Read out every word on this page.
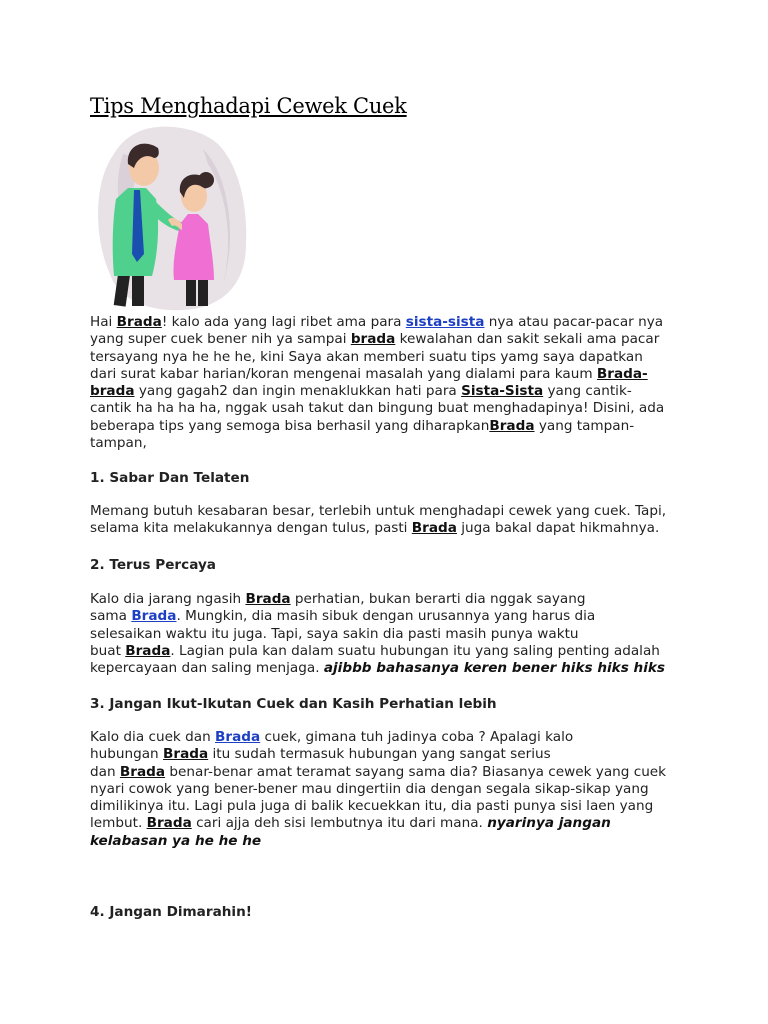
Tips Menghadapi Cewek Cuek
Hai Brada! kalo ada yang lagi ribet ama para sista-sista nya atau pacar-pacar nya
yang super cuek bener nih ya sampai brada kewalahan dan sakit sekali ama pacar
tersayang nya he he he, kini Saya akan memberi suatu tips yamg saya dapatkan
dari surat kabar harian/koran mengenai masalah yang dialami para kaum Brada-
brada yang gagah2 dan ingin menaklukkan hati para Sista-Sista yang cantik-
cantik ha ha ha ha, nggak usah takut dan bingung buat menghadapinya! Disini, ada
beberapa tips yang semoga bisa berhasil yang diharapkanBrada yang tampan-
tampan,
1. Sabar Dan Telaten
Memang butuh kesabaran besar, terlebih untuk menghadapi cewek yang cuek. Tapi,
selama kita melakukannya dengan tulus, pasti Brada juga bakal dapat hikmahnya.
2. Terus Percaya
Kalo dia jarang ngasih Brada perhatian, bukan berarti dia nggak sayang
sama Brada. Mungkin, dia masih sibuk dengan urusannya yang harus dia
selesaikan waktu itu juga. Tapi, saya sakin dia pasti masih punya waktu
buat Brada. Lagian pula kan dalam suatu hubungan itu yang saling penting adalah
kepercayaan dan saling menjaga. ajibbb bahasanya keren bener hiks hiks hiks
3. Jangan Ikut-Ikutan Cuek dan Kasih Perhatian lebih
Kalo dia cuek dan Brada cuek, gimana tuh jadinya coba ? Apalagi kalo
hubungan Brada itu sudah termasuk hubungan yang sangat serius
dan Brada benar-benar amat teramat sayang sama dia? Biasanya cewek yang cuek
nyari cowok yang bener-bener mau dingertiin dia dengan segala sikap-sikap yang
dimilikinya itu. Lagi pula juga di balik kecuekkan itu, dia pasti punya sisi laen yang
lembut. Brada cari ajja deh sisi lembutnya itu dari mana. nyarinya jangan
kelabasan ya he he he
4. Jangan Dimarahin!
